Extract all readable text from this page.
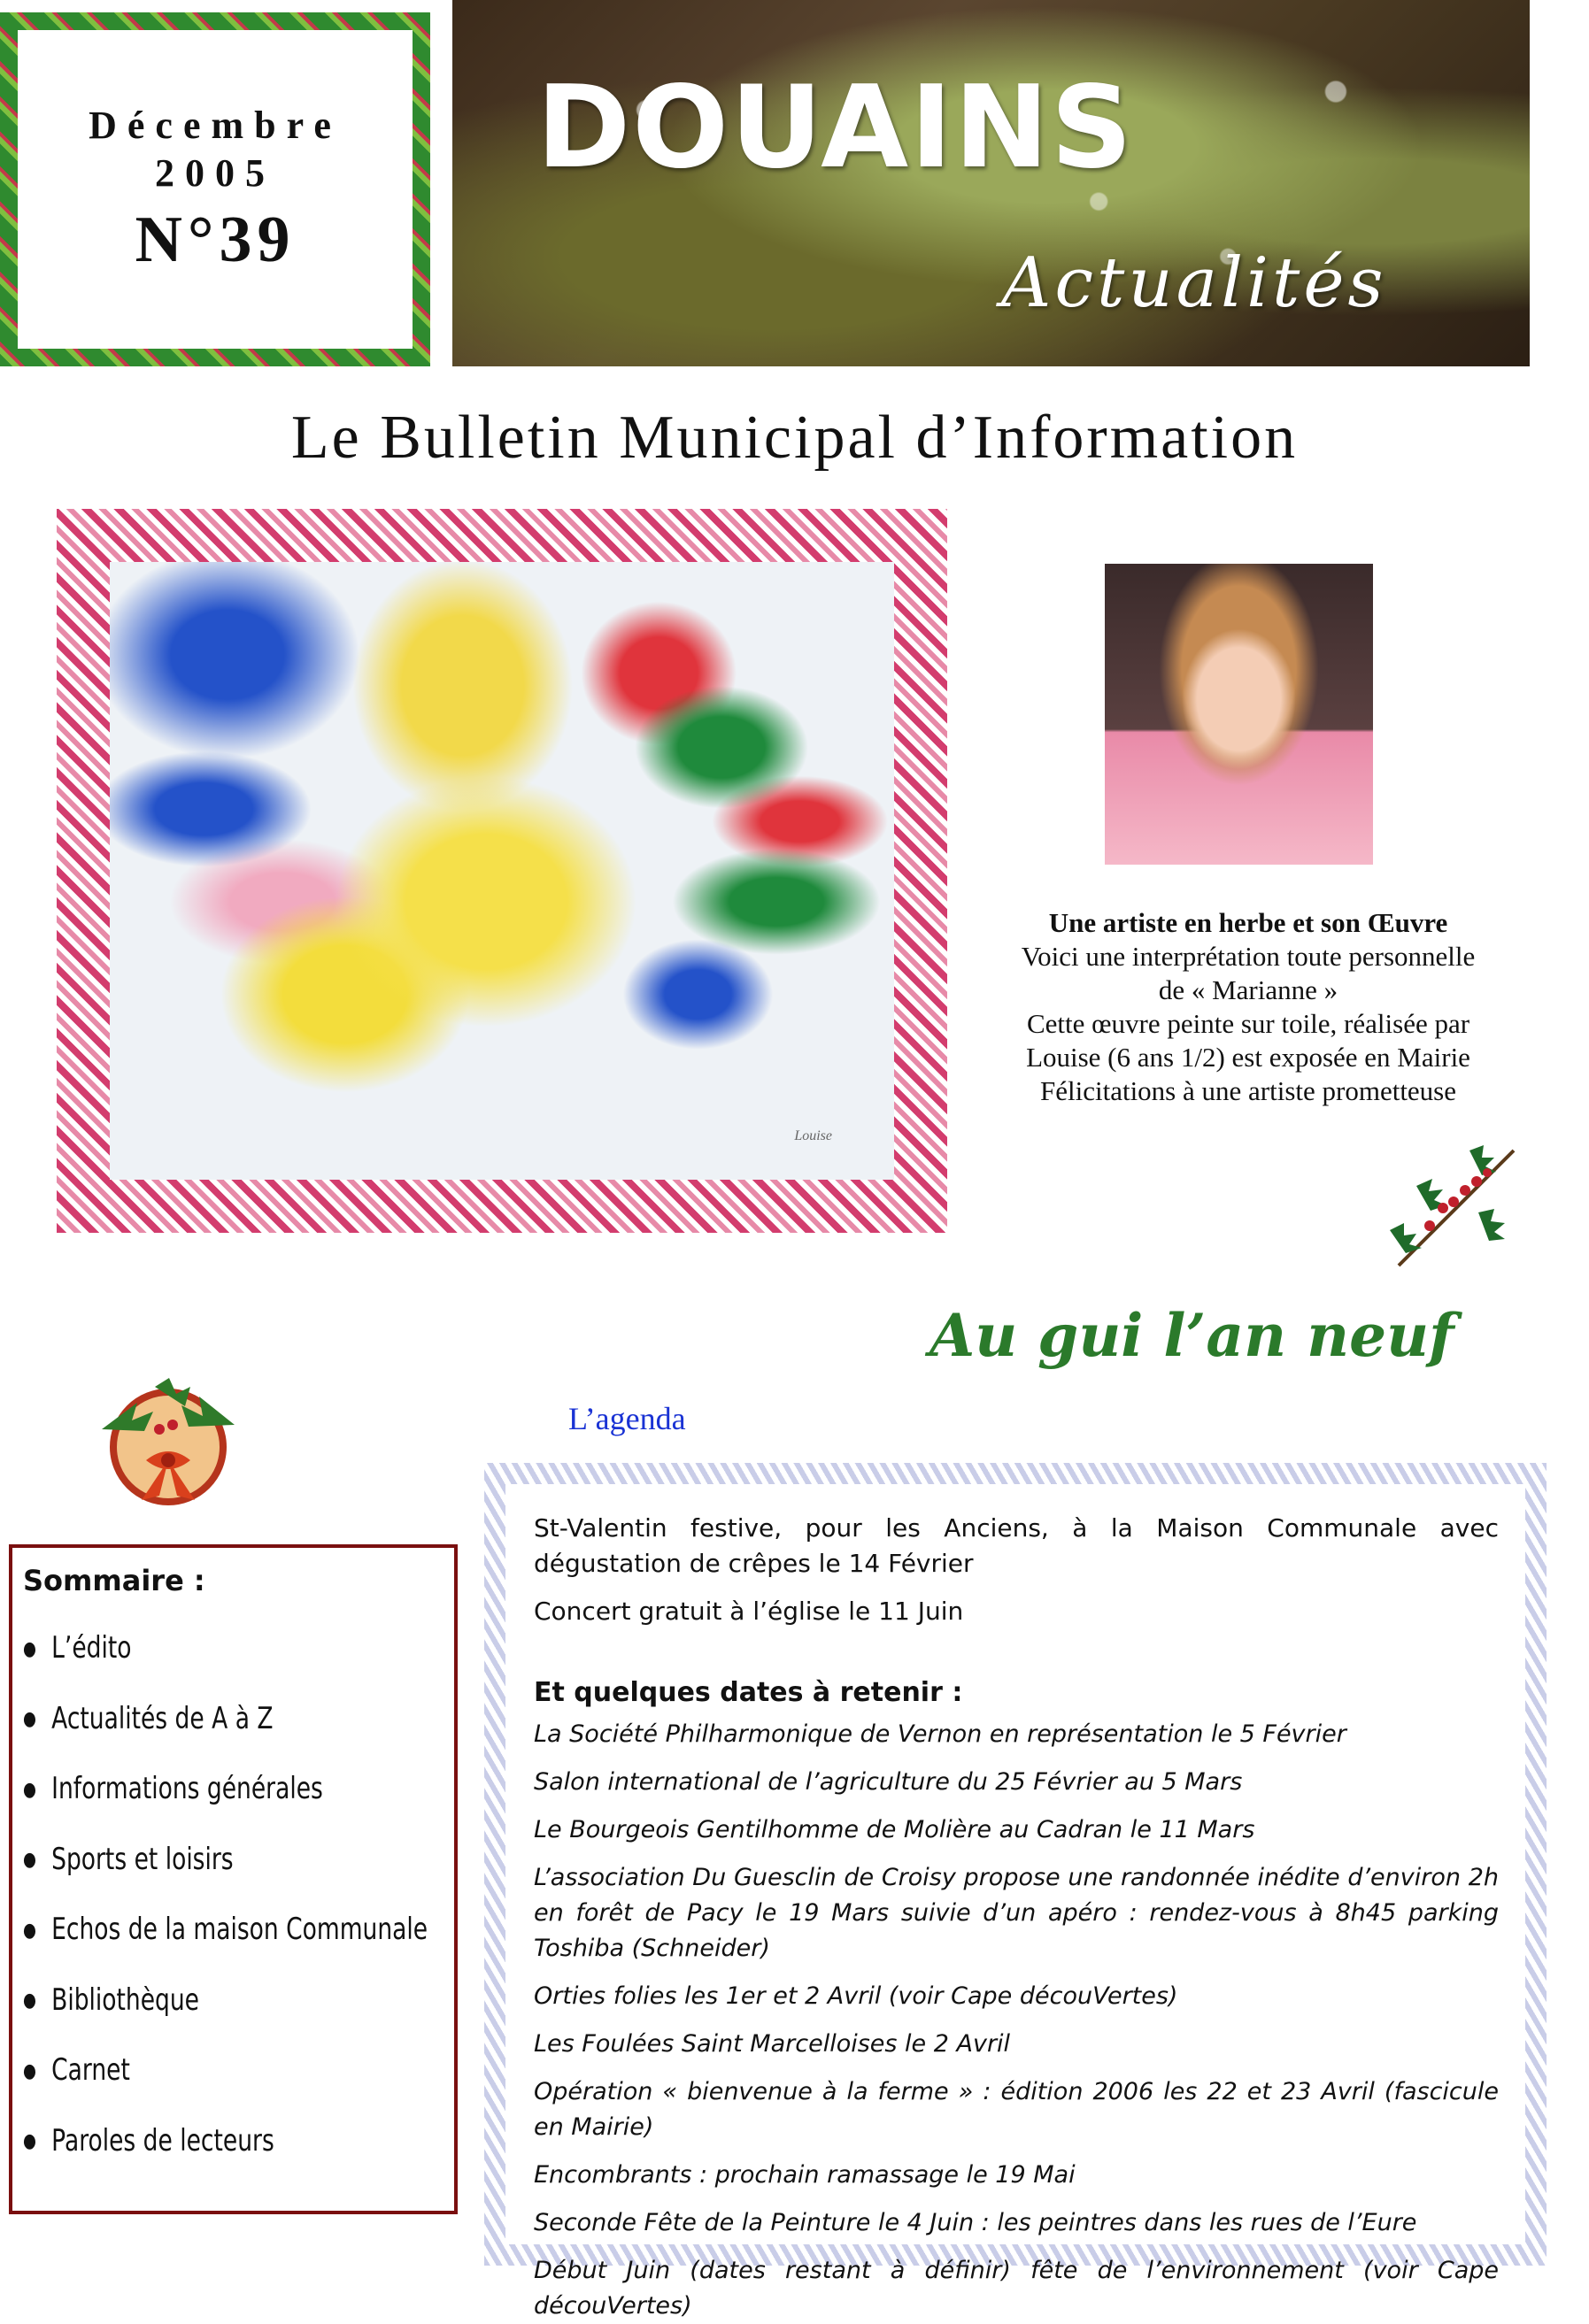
Décembre
2005
N°39
DOUAINS
Actualités
Le Bulletin Municipal d’Information
Louise
Une artiste en herbe et son Œuvre
Voici une interprétation toute personnelle
de « Marianne »
Cette œuvre peinte sur toile, réalisée par
Louise (6 ans 1/2) est exposée en Mairie
Félicitations à une artiste prometteuse
Au gui l’an neuf
L’agenda
Sommaire :
● L’édito
● Actualités de A à Z
● Informations générales
● Sports et loisirs
● Echos de la maison Communale
● Bibliothèque
● Carnet
● Paroles de lecteurs

St-Valentin festive, pour les Anciens, à la Maison Communale avec dégustation de crêpes le 14 Février

Concert gratuit à l’église le 11 Juin

Et quelques dates à retenir :

La Société Philharmonique de Vernon en représentation le 5 Février

Salon international de l’agriculture du 25 Février au 5 Mars

Le Bourgeois Gentilhomme de Molière au Cadran le 11 Mars

L’association Du Guesclin de Croisy propose une randonnée inédite d’environ 2h en forêt de Pacy le 19 Mars suivie d’un apéro : rendez-vous à 8h45 parking Toshiba (Schneider)

Orties folies les 1er et 2 Avril (voir Cape découVertes)

Les Foulées Saint Marcelloises le 2 Avril

Opération « bienvenue à la ferme » : édition 2006 les 22 et 23 Avril (fascicule en Mairie)

Encombrants : prochain ramassage le 19 Mai

Seconde Fête de la Peinture le 4 Juin : les peintres dans les rues de l’Eure

Début Juin (dates restant à définir) fête de l’environnement (voir Cape découVertes)
